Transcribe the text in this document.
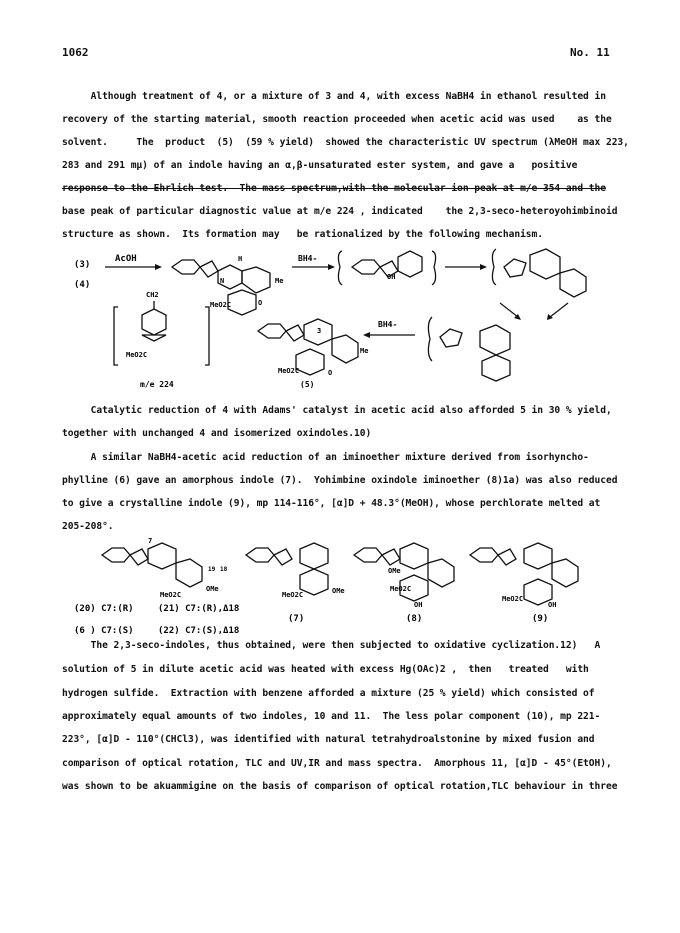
1062	No. 11
Although treatment of 4, or a mixture of 3 and 4, with excess NaBH4 in ethanol resulted in
recovery of the starting material, smooth reaction proceeded when acetic acid was used    as the
solvent.     The  product  (5)  (59 % yield)  showed the characteristic UV spectrum (λMeOH max 223,
283 and 291 mμ) of an indole having an α,β-unsaturated ester system, and gave a   positive
response to the Ehrlich test.  The mass spectrum,with the molecular ion peak at m/e 354 and the
base peak of particular diagnostic value at m/e 224 , indicated    the 2,3-seco-heteroyohimbinoid
structure as shown.  Its formation may   be rationalized by the following mechanism.
(3)
(4)
AcOH	H
N	Me
MeO2C	O
BH4-
OH
CH2
MeO2C
m/e 224
3
Me
MeO2C	O
(5)
BH4-
Catalytic reduction of 4 with Adams' catalyst in acetic acid also afforded 5 in 30 % yield,
together with unchanged 4 and isomerized oxindoles.10)
A similar NaBH4-acetic acid reduction of an iminoether mixture derived from isorhyncho-
phylline (6) gave an amorphous indole (7).  Yohimbine oxindole iminoether (8)1a) was also reduced
to give a crystalline indole (9), mp 114-116°, [α]D + 48.3°(MeOH), whose perchlorate melted at
205-208°.
7
19 18
OMe
MeO2C	MeO2C	OMe
OMe
MeO2C
OH
MeO2C
OH
(20) C7:(R)	(21) C7:(R),Δ18
(7)	(8)	(9)
(6 ) C7:(S)	(22) C7:(S),Δ18
The 2,3-seco-indoles, thus obtained, were then subjected to oxidative cyclization.12)   A
solution of 5 in dilute acetic acid was heated with excess Hg(OAc)2 ,  then   treated   with
hydrogen sulfide.  Extraction with benzene afforded a mixture (25 % yield) which consisted of
approximately equal amounts of two indoles, 10 and 11.  The less polar component (10), mp 221-
223°, [α]D - 110°(CHCl3), was identified with natural tetrahydroalstonine by mixed fusion and
comparison of optical rotation, TLC and UV,IR and mass spectra.  Amorphous 11, [α]D - 45°(EtOH),
was shown to be akuammigine on the basis of comparison of optical rotation,TLC behaviour in three
